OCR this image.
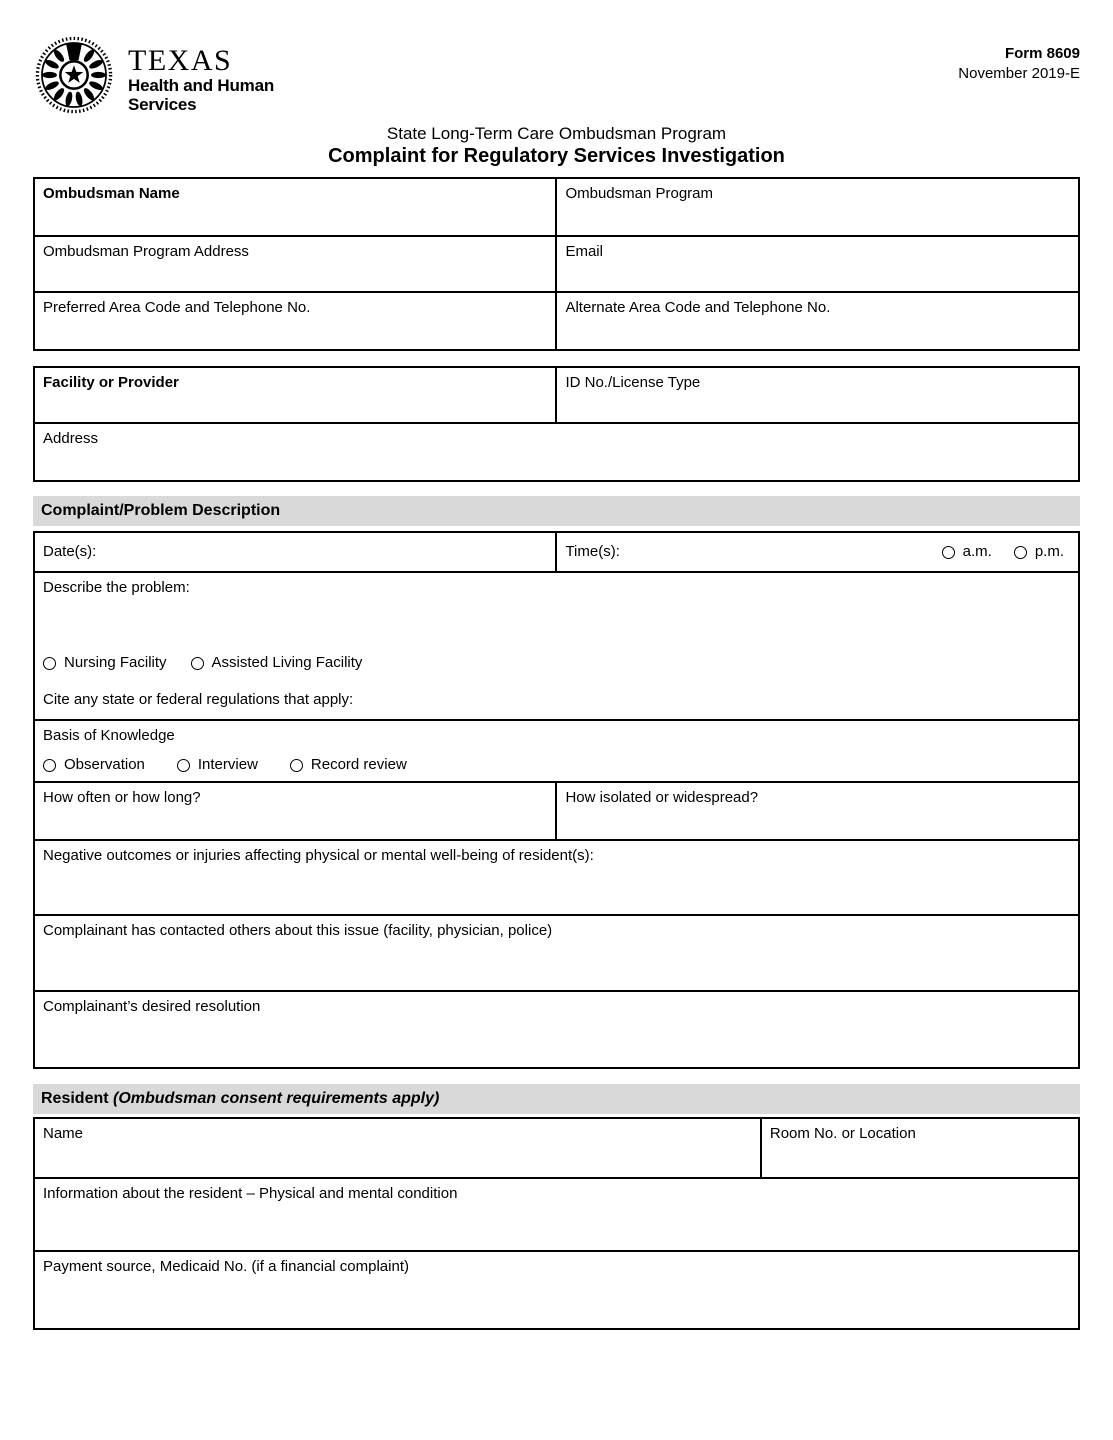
TEXAS
Health and Human
Services
Form 8609
November 2019-E
State Long-Term Care Ombudsman Program
Complaint for Regulatory Services Investigation
Ombudsman Name	Ombudsman Program
Ombudsman Program Address	Email
Preferred Area Code and Telephone No.	Alternate Area Code and Telephone No.
Facility or Provider	ID No./License Type
Address
Complaint/Problem Description
Date(s):	Time(s):	a.m.	p.m.
Describe the problem:
Nursing Facility	Assisted Living Facility
Cite any state or federal regulations that apply:
Basis of Knowledge
Observation	Interview	Record review
How often or how long?	How isolated or widespread?
Negative outcomes or injuries affecting physical or mental well-being of resident(s):
Complainant has contacted others about this issue (facility, physician, police)
Complainant’s desired resolution
Resident (Ombudsman consent requirements apply)
Name	Room No. or Location
Information about the resident – Physical and mental condition
Payment source, Medicaid No. (if a financial complaint)
